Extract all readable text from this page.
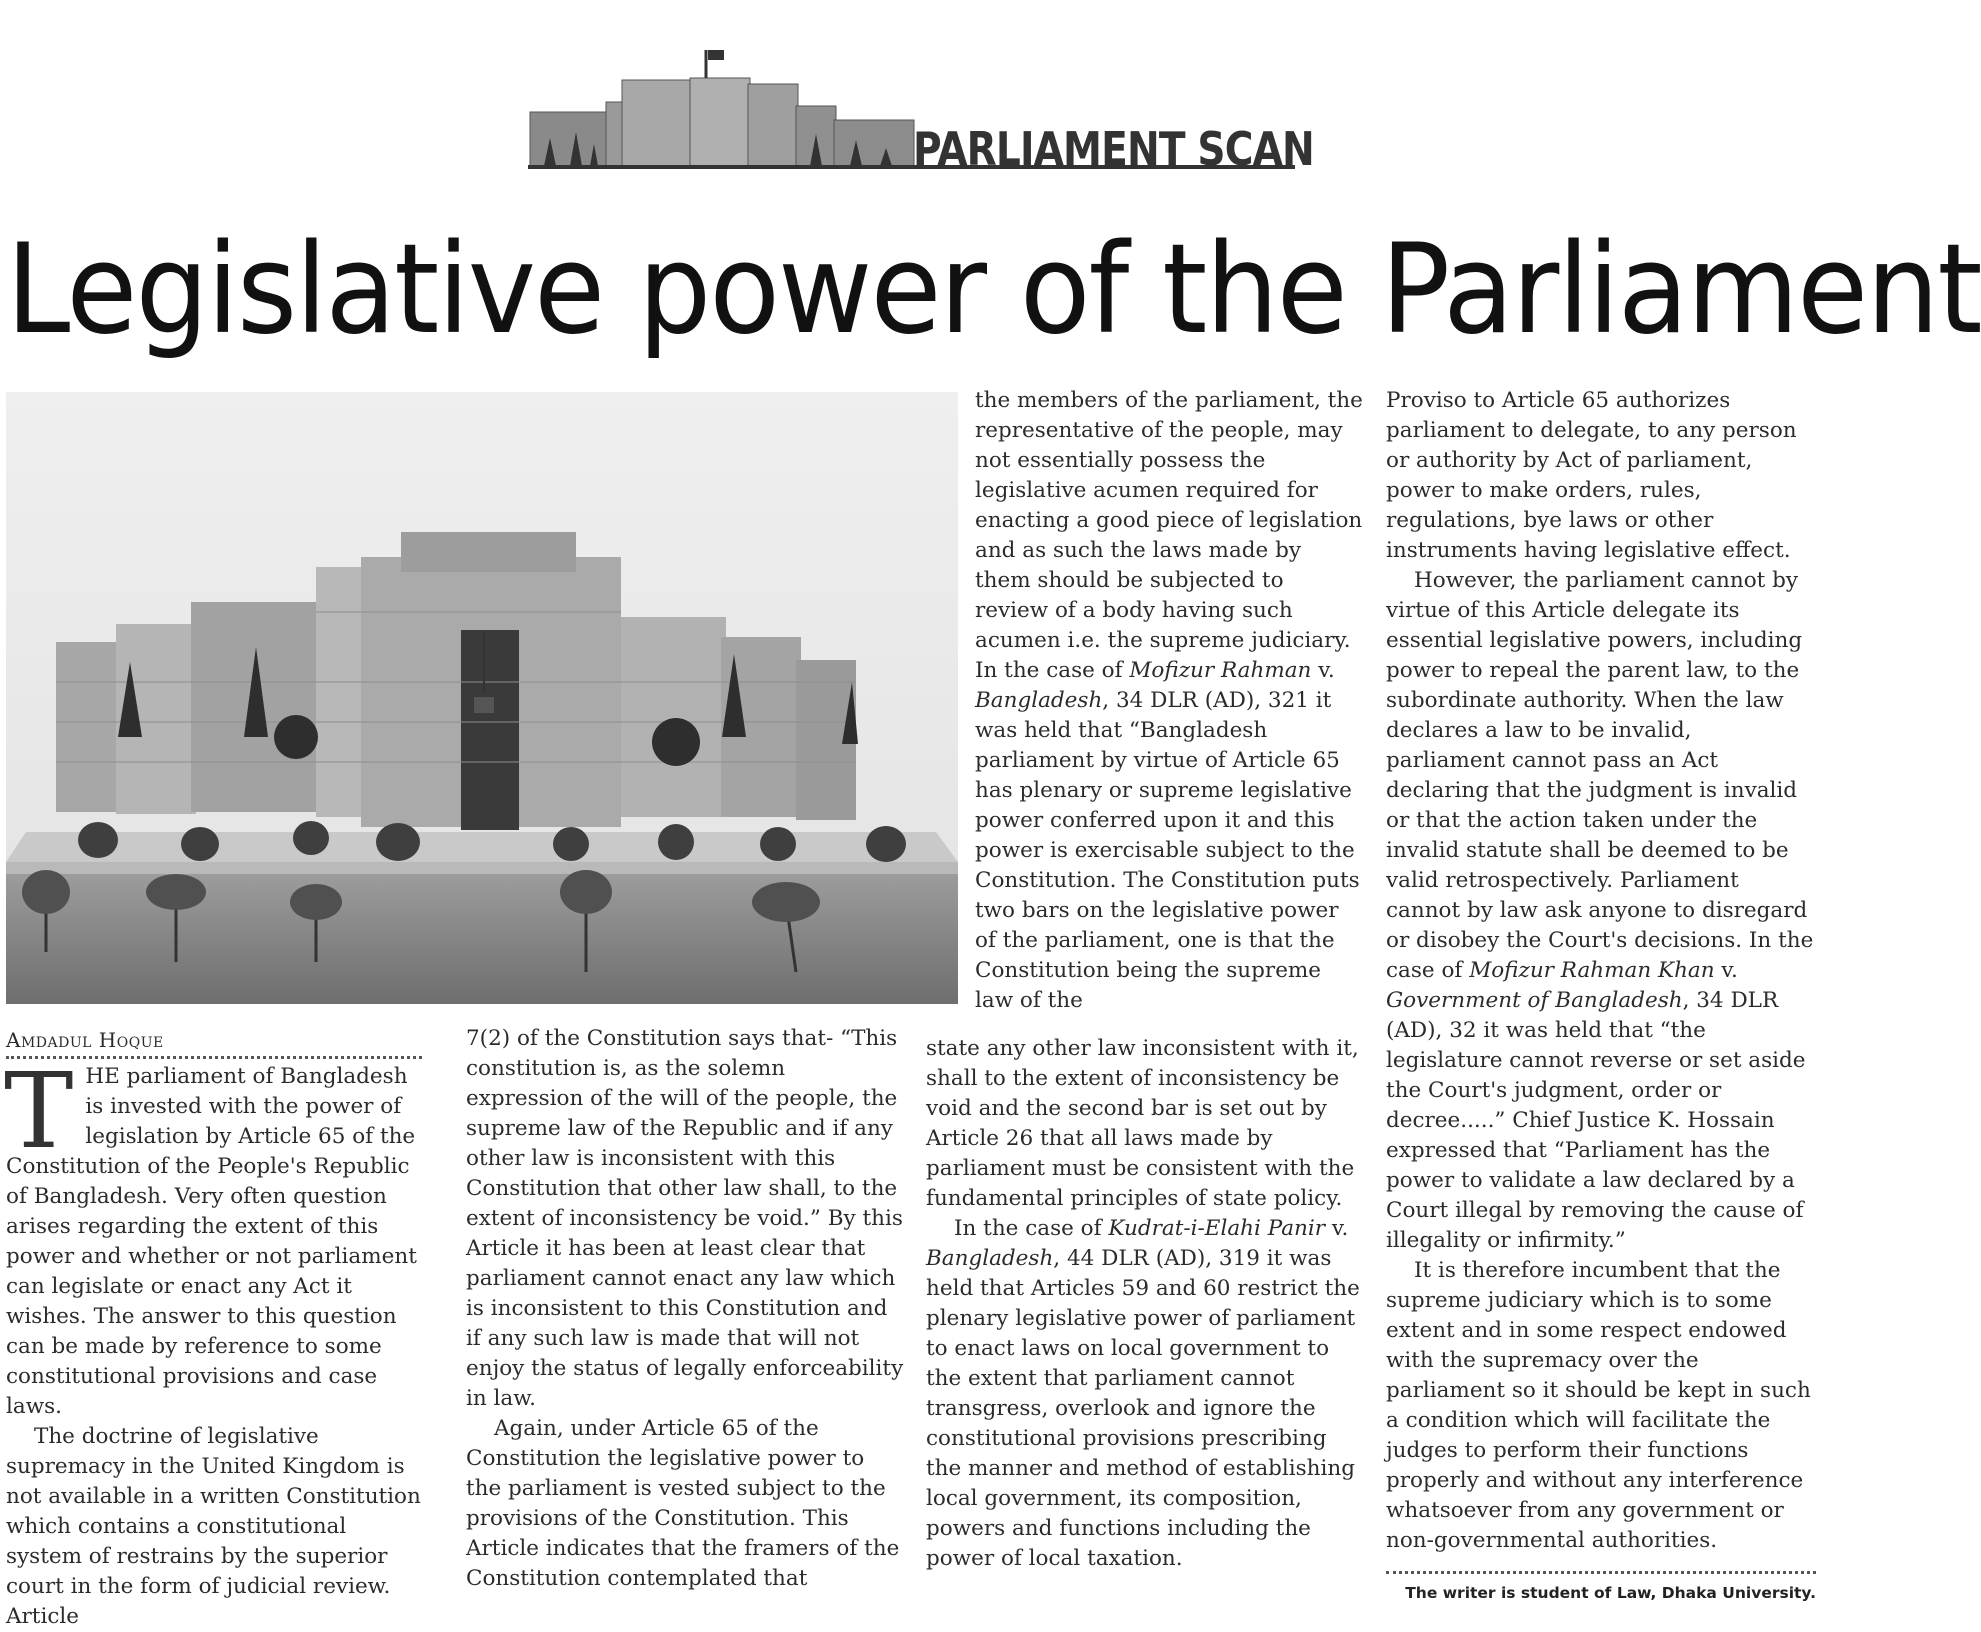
PARLIAMENT SCAN
Legislative power of the Parliament
Amdadul Hoque

THE parliament of Bangladesh is invested with the power of legislation by Article 65 of the Constitution of the People's Republic of Bangladesh. Very often question arises regarding the extent of this power and whether or not parliament can legislate or enact any Act it wishes. The answer to this question can be made by reference to some constitutional provisions and case laws.

The doctrine of legislative supremacy in the United Kingdom is not available in a written Constitution which contains a constitutional system of restrains by the superior court in the form of judicial review. Article

7(2) of the Constitution says that- “This constitution is, as the solemn expression of the will of the people, the supreme law of the Republic and if any other law is inconsistent with this Constitution that other law shall, to the extent of inconsistency be void.” By this Article it has been at least clear that parliament cannot enact any law which is inconsistent to this Constitution and if any such law is made that will not enjoy the status of legally enforceability in law.

Again, under Article 65 of the Constitution the legislative power to the parliament is vested subject to the provisions of the Constitution. This Article indicates that the framers of the Constitution contemplated that

the members of the parliament, the representative of the people, may not essentially possess the legislative acumen required for enacting a good piece of legislation and as such the laws made by them should be subjected to review of a body having such acumen i.e. the supreme judiciary. In the case of Mofizur Rahman v. Bangladesh, 34 DLR (AD), 321 it was held that “Bangladesh parliament by virtue of Article 65 has plenary or supreme legislative power conferred upon it and this power is exercisable subject to the Constitution. The Constitution puts two bars on the legislative power of the parliament, one is that the Constitution being the supreme law of the

state any other law inconsistent with it, shall to the extent of inconsistency be void and the second bar is set out by Article 26 that all laws made by parliament must be consistent with the fundamental principles of state policy.

In the case of Kudrat-i-Elahi Panir v. Bangladesh, 44 DLR (AD), 319 it was held that Articles 59 and 60 restrict the plenary legislative power of parliament to enact laws on local government to the extent that parliament cannot transgress, overlook and ignore the constitutional provisions prescribing the manner and method of establishing local government, its composition, powers and functions including the power of local taxation.

Proviso to Article 65 authorizes parliament to delegate, to any person or authority by Act of parliament, power to make orders, rules, regulations, bye laws or other instruments having legislative effect.

However, the parliament cannot by virtue of this Article delegate its essential legislative powers, including power to repeal the parent law, to the subordinate authority. When the law declares a law to be invalid, parliament cannot pass an Act declaring that the judgment is invalid or that the action taken under the invalid statute shall be deemed to be valid retrospectively. Parliament cannot by law ask anyone to disregard or disobey the Court's decisions. In the case of Mofizur Rahman Khan v. Government of Bangladesh, 34 DLR (AD), 32 it was held that “the legislature cannot reverse or set aside the Court's judgment, order or decree.....” Chief Justice K. Hossain expressed that “Parliament has the power to validate a law declared by a Court illegal by removing the cause of illegality or infirmity.”

It is therefore incumbent that the supreme judiciary which is to some extent and in some respect endowed with the supremacy over the parliament so it should be kept in such a condition which will facilitate the judges to perform their functions properly and without any interference whatsoever from any government or non-governmental authorities.

The writer is student of Law, Dhaka University.
